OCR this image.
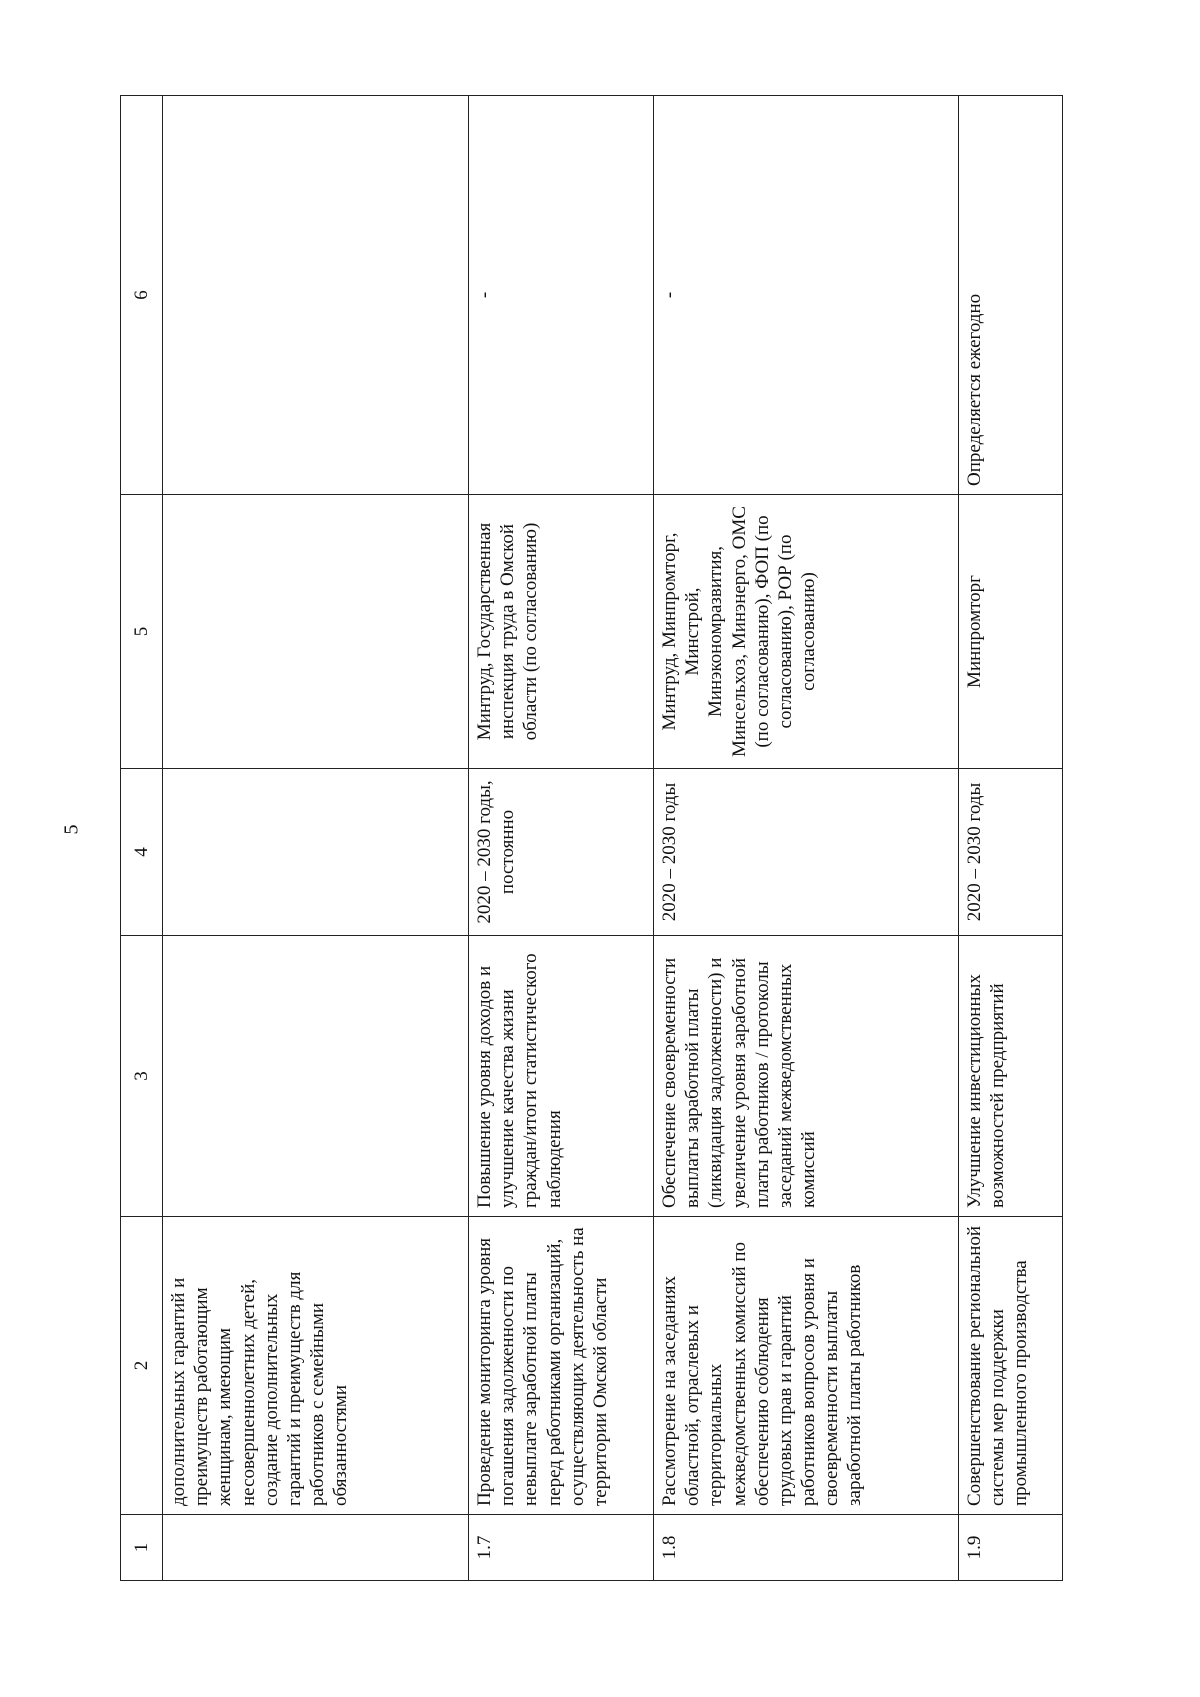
5
1	2	3	4	5	6
	дополнительных гарантий и преимуществ работающим женщинам, имеющим несовершеннолетних детей, создание дополнительных гарантий и преимуществ для работников с семейными обязанностями				
1.7	Проведение мониторинга уровня погашения задолженности по невыплате заработной платы перед работниками организаций, осуществляющих деятельность на территории Омской области	Повышение уровня доходов и улучшение качества жизни граждан/итоги статистического наблюдения	2020 – 2030 годы, постоянно	Минтруд, Государственная инспекция труда в Омской области (по согласованию)	-
1.8	Рассмотрение на заседаниях областной, отраслевых и территориальных межведомственных комиссий по обеспечению соблюдения трудовых прав и гарантий работников вопросов уровня и своевременности выплаты заработной платы работников	Обеспечение своевременности выплаты заработной платы (ликвидация задолженности) и увеличение уровня заработной платы работников / протоколы заседаний межведомственных комиссий	2020 – 2030 годы	Минтруд, Минпромторг, Минстрой, Минэкономразвития, Минсельхоз, Минэнерго, ОМС (по согласованию), ФОП (по согласованию), РОР (по согласованию)	-
1.9	Совершенствование региональной системы мер поддержки промышленного производства	Улучшение инвестиционных возможностей предприятий	2020 – 2030 годы	Минпромторг	Определяется ежегодно
